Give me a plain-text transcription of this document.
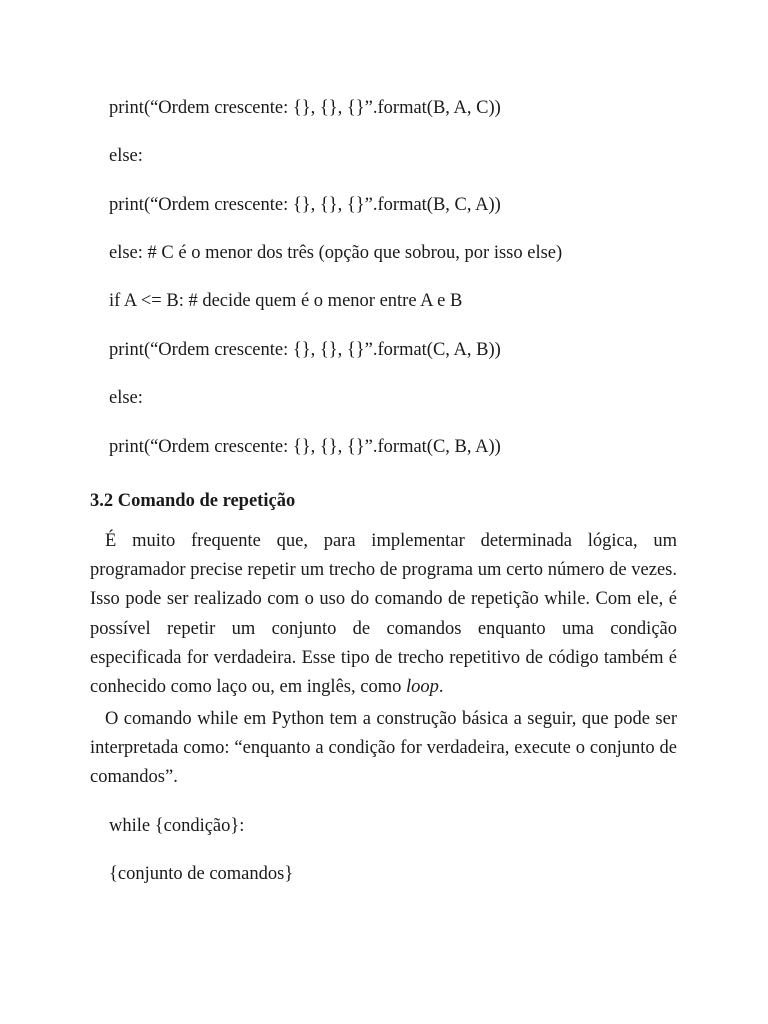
print(“Ordem crescente: {}, {}, {}”.format(B, A, C))

else:

print(“Ordem crescente: {}, {}, {}”.format(B, C, A))

else: # C é o menor dos três (opção que sobrou, por isso else)

if A <= B: # decide quem é o menor entre A e B

print(“Ordem crescente: {}, {}, {}”.format(C, A, B))

else:

print(“Ordem crescente: {}, {}, {}”.format(C, B, A))

3.2 Comando de repetição

É muito frequente que, para implementar determinada lógica, um programador precise repetir um trecho de programa um certo número de vezes. Isso pode ser realizado com o uso do comando de repetição while. Com ele, é possível repetir um conjunto de comandos enquanto uma condição especificada for verdadeira. Esse tipo de trecho repetitivo de código também é conhecido como laço ou, em inglês, como loop.

O comando while em Python tem a construção básica a seguir, que pode ser interpretada como: “enquanto a condição for verdadeira, execute o conjunto de comandos”.

while {condição}:

{conjunto de comandos}
